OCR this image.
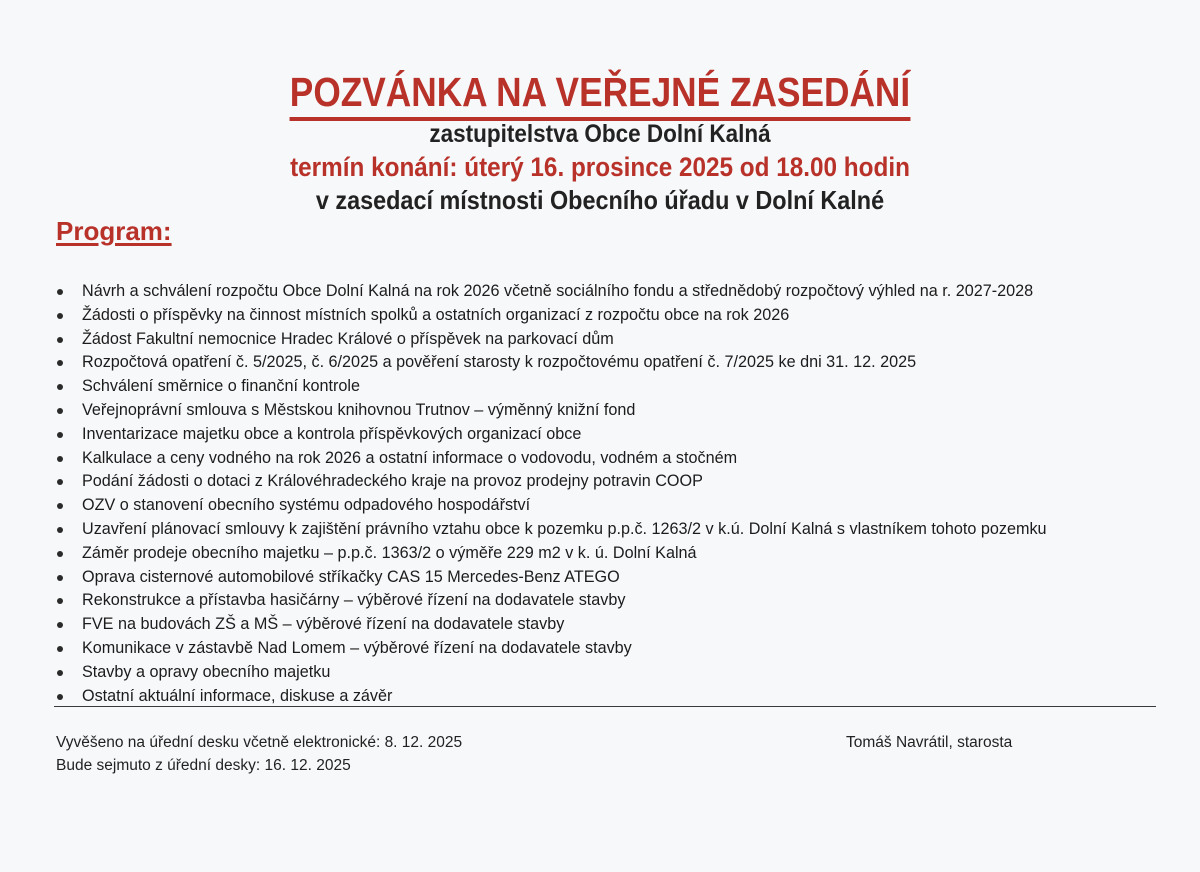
POZVÁNKA NA VEŘEJNÉ ZASEDÁNÍ
zastupitelstva Obce Dolní Kalná
termín konání: úterý 16. prosince 2025 od 18.00 hodin
v zasedací místnosti Obecního úřadu v Dolní Kalné
Program:
Návrh a schválení rozpočtu Obce Dolní Kalná na rok 2026 včetně sociálního fondu a střednědobý rozpočtový výhled na r. 2027-2028
Žádosti o příspěvky na činnost místních spolků a ostatních organizací z rozpočtu obce na rok 2026
Žádost Fakultní nemocnice Hradec Králové o příspěvek na parkovací dům
Rozpočtová opatření č. 5/2025, č. 6/2025 a pověření starosty k rozpočtovému opatření č. 7/2025 ke dni 31. 12. 2025
Schválení směrnice o finanční kontrole
Veřejnoprávní smlouva s Městskou knihovnou Trutnov – výměnný knižní fond
Inventarizace majetku obce a kontrola příspěvkových organizací obce
Kalkulace a ceny vodného na rok 2026 a ostatní informace o vodovodu, vodném a stočném
Podání žádosti o dotaci z Královéhradeckého kraje na provoz prodejny potravin COOP
OZV o stanovení obecního systému odpadového hospodářství
Uzavření plánovací smlouvy k zajištění právního vztahu obce k pozemku p.p.č. 1263/2 v k.ú. Dolní Kalná s vlastníkem tohoto pozemku
Záměr prodeje obecního majetku – p.p.č. 1363/2 o výměře 229 m2 v k. ú. Dolní Kalná
Oprava cisternové automobilové stříkačky CAS 15 Mercedes-Benz ATEGO
Rekonstrukce a přístavba hasičárny – výběrové řízení na dodavatele stavby
FVE na budovách ZŠ a MŠ – výběrové řízení na dodavatele stavby
Komunikace v zástavbě Nad Lomem – výběrové řízení na dodavatele stavby
Stavby a opravy obecního majetku
Ostatní aktuální informace, diskuse a závěr
Vyvěšeno na úřední desku včetně elektronické: 8. 12. 2025
Bude sejmuto z úřední desky: 16. 12. 2025
Tomáš Navrátil, starosta
